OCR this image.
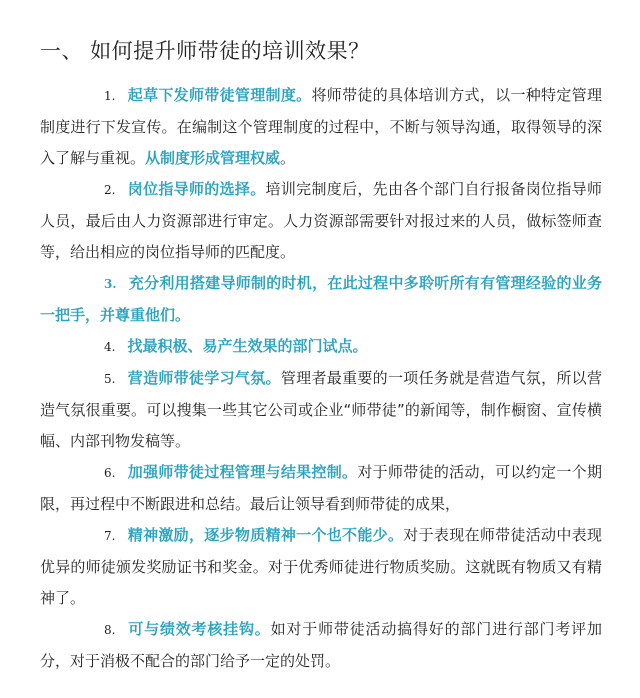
一、 如何提升师带徒的培训效果？

1. 起草下发师带徒管理制度。将师带徒的具体培训方式，以一种特定管理制度进行下发宣传。在编制这个管理制度的过程中，不断与领导沟通，取得领导的深入了解与重视。从制度形成管理权威。

2. 岗位指导师的选择。培训完制度后，先由各个部门自行报备岗位指导师人员，最后由人力资源部进行审定。人力资源部需要针对报过来的人员，做标签师查等，给出相应的岗位指导师的匹配度。

3. 充分利用搭建导师制的时机，在此过程中多聆听所有有管理经验的业务一把手，并尊重他们。

4. 找最积极、易产生效果的部门试点。

5. 营造师带徒学习气氛。管理者最重要的一项任务就是营造气氛，所以营造气氛很重要。可以搜集一些其它公司或企业“师带徒”的新闻等，制作橱窗、宣传横幅、内部刊物发稿等。

6. 加强师带徒过程管理与结果控制。对于师带徒的活动，可以约定一个期限，再过程中不断跟进和总结。最后让领导看到师带徒的成果，

7. 精神激励，逐步物质精神一个也不能少。对于表现在师带徒活动中表现优异的师徒颁发奖励证书和奖金。对于优秀师徒进行物质奖励。这就既有物质又有精神了。

8. 可与绩效考核挂钩。如对于师带徒活动搞得好的部门进行部门考评加分，对于消极不配合的部门给予一定的处罚。
